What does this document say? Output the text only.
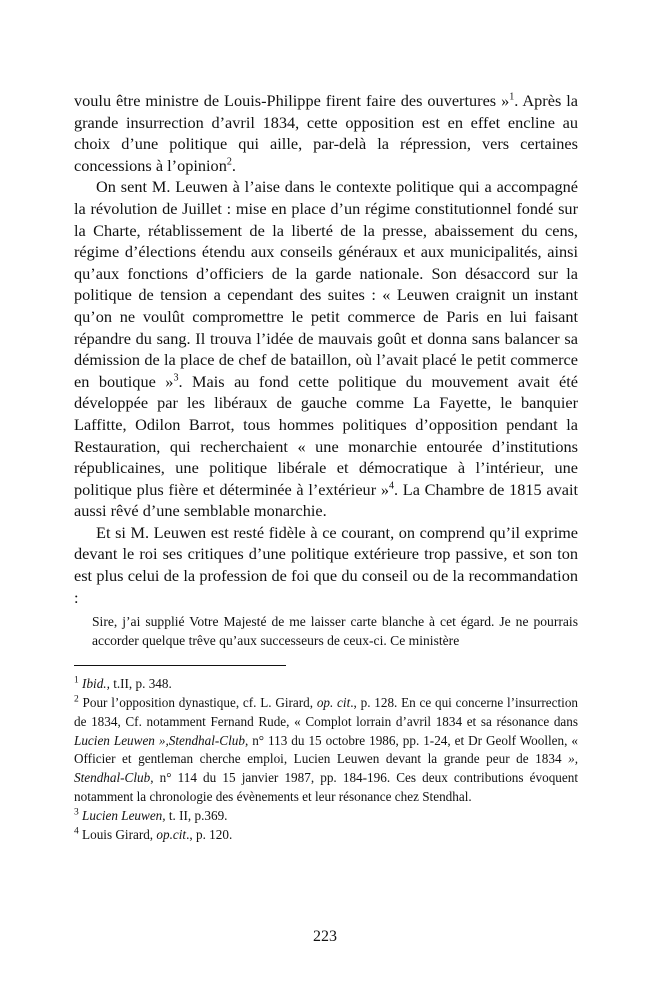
voulu être ministre de Louis-Philippe firent faire des ouvertures »$^1$. Après la grande insurrection d’avril 1834, cette opposition est en effet encline au choix d’une politique qui aille, par-delà la répression, vers certaines concessions à l’opinion$^2$.

On sent M. Leuwen à l’aise dans le contexte politique qui a accompagné la révolution de Juillet : mise en place d’un régime constitutionnel fondé sur la Charte, rétablissement de la liberté de la presse, abaissement du cens, régime d’élections étendu aux conseils généraux et aux municipalités, ainsi qu’aux fonctions d’officiers de la garde nationale. Son désaccord sur la politique de tension a cependant des suites : « Leuwen craignit un instant qu’on ne voulût compromettre le petit commerce de Paris en lui faisant répandre du sang. Il trouva l’idée de mauvais goût et donna sans balancer sa démission de la place de chef de bataillon, où l’avait placé le petit commerce en boutique »$^3$. Mais au fond cette politique du mouvement avait été développée par les libéraux de gauche comme La Fayette, le banquier Laffitte, Odilon Barrot, tous hommes politiques d’opposition pendant la Restauration, qui recherchaient « une monarchie entourée d’institutions républicaines, une politique libérale et démocratique à l’intérieur, une politique plus fière et déterminée à l’extérieur »$^4$. La Chambre de 1815 avait aussi rêvé d’une semblable monarchie.

Et si M. Leuwen est resté fidèle à ce courant, on comprend qu’il exprime devant le roi ses critiques d’une politique extérieure trop passive, et son ton est plus celui de la profession de foi que du conseil ou de la recommandation :

Sire, j’ai supplié Votre Majesté de me laisser carte blanche à cet égard. Je ne pourrais accorder quelque trêve qu’aux successeurs de ceux-ci. Ce ministère

$^1$ Ibid., t.II, p. 348.

$^2$ Pour l’opposition dynastique, cf. L. Girard, op. cit., p. 128. En ce qui concerne l’insurrection de 1834, Cf. notamment Fernand Rude, « Complot lorrain d’avril 1834 et sa résonance dans Lucien Leuwen »,Stendhal-Club, n° 113 du 15 octobre 1986, pp. 1-24, et Dr Geolf Woollen, « Officier et gentleman cherche emploi, Lucien Leuwen devant la grande peur de 1834 », Stendhal-Club, n° 114 du 15 janvier 1987, pp. 184-196. Ces deux contributions évoquent notamment la chronologie des évènements et leur résonance chez Stendhal.

$^3$ Lucien Leuwen, t. II, p.369.

$^4$ Louis Girard, op.cit., p. 120.

223
